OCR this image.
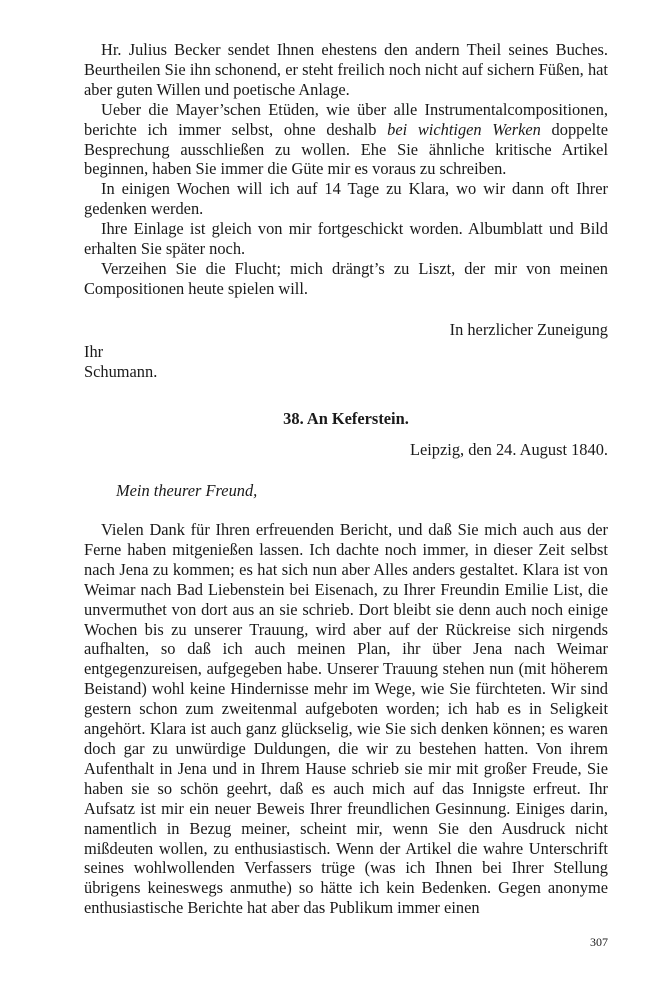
Hr. Julius Becker sendet Ihnen ehestens den andern Theil seines Buches. Beurtheilen Sie ihn schonend, er steht freilich noch nicht auf sichern Füßen, hat aber guten Willen und poetische Anlage.

Ueber die Mayer’schen Etüden, wie über alle Instrumentalcompositionen, berichte ich immer selbst, ohne deshalb bei wichtigen Werken doppelte Besprechung ausschließen zu wollen. Ehe Sie ähnliche kritische Artikel beginnen, haben Sie immer die Güte mir es voraus zu schreiben.

In einigen Wochen will ich auf 14 Tage zu Klara, wo wir dann oft Ihrer gedenken werden.

Ihre Einlage ist gleich von mir fortgeschickt worden. Albumblatt und Bild erhalten Sie später noch.

Verzeihen Sie die Flucht; mich drängt’s zu Liszt, der mir von meinen Compositionen heute spielen will.

In herzlicher Zuneigung
Ihr
Schumann.
38. An Keferstein.
Leipzig, den 24. August 1840.
Mein theurer Freund,

Vielen Dank für Ihren erfreuenden Bericht, und daß Sie mich auch aus der Ferne haben mitgenießen lassen. Ich dachte noch immer, in dieser Zeit selbst nach Jena zu kommen; es hat sich nun aber Alles anders gestaltet. Klara ist von Weimar nach Bad Liebenstein bei Eisenach, zu Ihrer Freundin Emilie List, die unvermuthet von dort aus an sie schrieb. Dort bleibt sie denn auch noch einige Wochen bis zu unserer Trauung, wird aber auf der Rückreise sich nirgends aufhalten, so daß ich auch meinen Plan, ihr über Jena nach Weimar entgegenzureisen, aufgegeben habe. Unserer Trauung stehen nun (mit höherem Beistand) wohl keine Hindernisse mehr im Wege, wie Sie fürchteten. Wir sind gestern schon zum zweitenmal aufgeboten worden; ich hab es in Seligkeit angehört. Klara ist auch ganz glückselig, wie Sie sich denken können; es waren doch gar zu unwürdige Duldungen, die wir zu bestehen hatten. Von ihrem Aufenthalt in Jena und in Ihrem Hause schrieb sie mir mit großer Freude, Sie haben sie so schön geehrt, daß es auch mich auf das Innigste erfreut. Ihr Aufsatz ist mir ein neuer Beweis Ihrer freundlichen Gesinnung. Einiges darin, namentlich in Bezug meiner, scheint mir, wenn Sie den Ausdruck nicht mißdeuten wollen, zu enthusiastisch. Wenn der Artikel die wahre Unterschrift seines wohlwollenden Verfassers trüge (was ich Ihnen bei Ihrer Stellung übrigens keineswegs anmuthe) so hätte ich kein Bedenken. Gegen anonyme enthusiastische Berichte hat aber das Publikum immer einen

307
